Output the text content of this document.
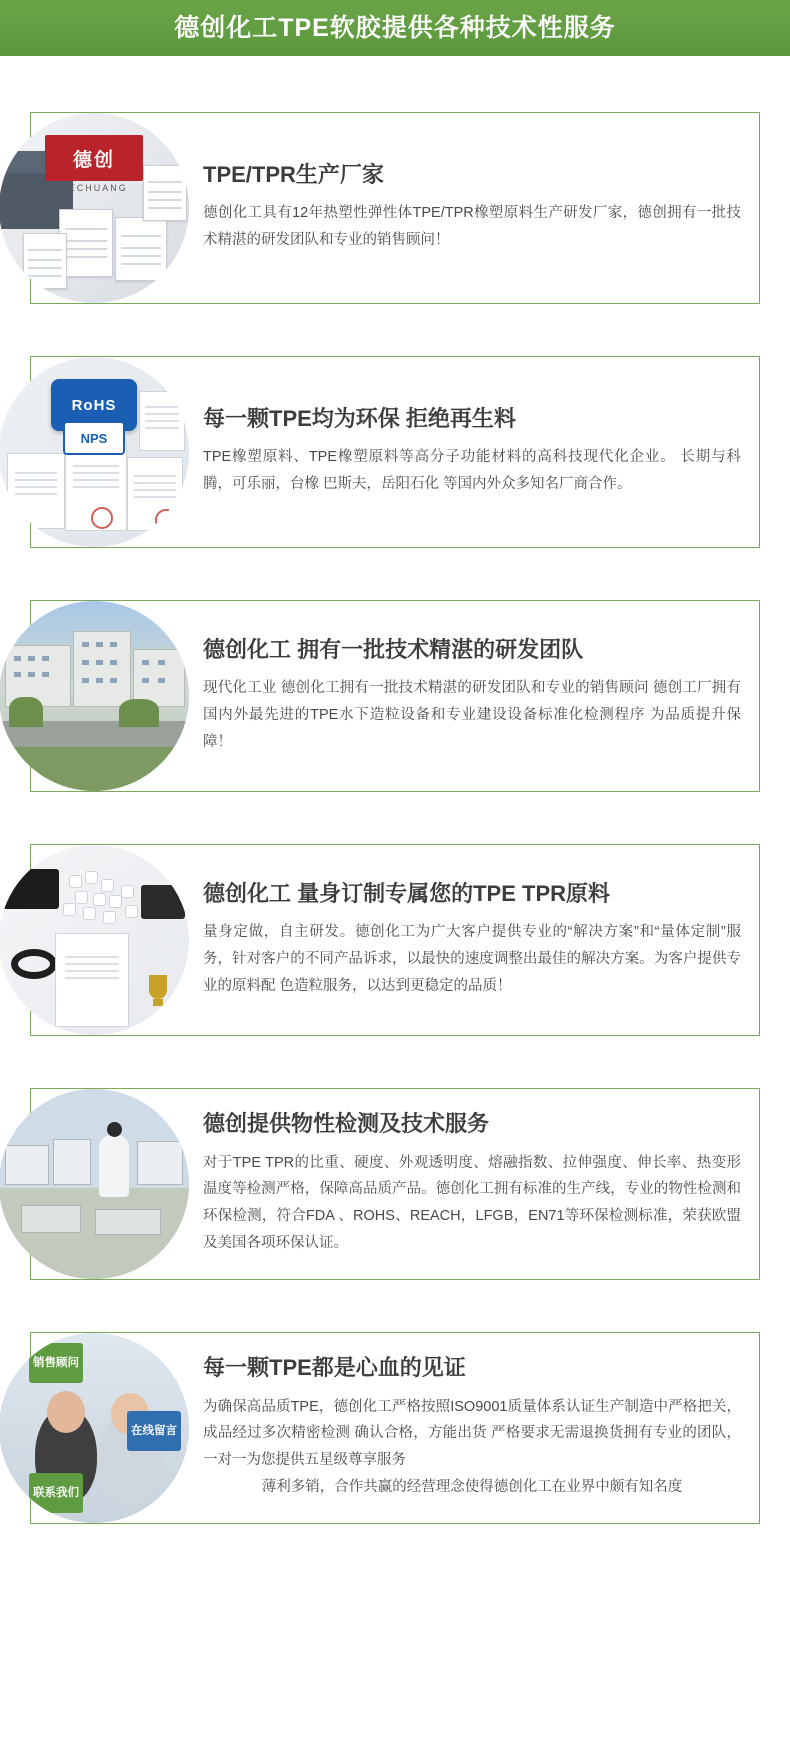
德创化工TPE软胶提供各种技术性服务
德创
DECHUANG
TPE/TPR生产厂家
德创化工具有12年热塑性弹性体TPE/TPR橡塑原料生产研发厂家，德创拥有一批技术精湛的研发团队和专业的销售顾问！
RoHS
NPS
每一颗TPE均为环保 拒绝再生料
TPE橡塑原料、TPE橡塑原料等高分子功能材料的高科技现代化企业。 长期与科腾，可乐丽，台橡 巴斯夫，岳阳石化 等国内外众多知名厂商合作。
德创化工 拥有一批技术精湛的研发团队
现代化工业 德创化工拥有一批技术精湛的研发团队和专业的销售顾问 德创工厂拥有国内外最先进的TPE水下造粒设备和专业建设设备标准化检测程序 为品质提升保障！
德创化工 量身订制专属您的TPE TPR原料
量身定做，自主研发。德创化工为广大客户提供专业的“解决方案”和“量体定制”服务，针对客户的不同产品诉求，以最快的速度调整出最佳的解决方案。为客户提供专业的原料配 色造粒服务，以达到更稳定的品质！
德创提供物性检测及技术服务
对于TPE TPR的比重、硬度、外观透明度、熔融指数、拉伸强度、伸长率、热变形温度等检测严格，保障高品质产品。德创化工拥有标准的生产线，专业的物性检测和环保检测，符合FDA 、ROHS、REACH，LFGB，EN71等环保检测标准，荣获欧盟及美国各项环保认证。
销售顾问
在线留言
联系我们
每一颗TPE都是心血的见证
为确保高品质TPE，德创化工严格按照ISO9001质量体系认证生产制造中严格把关，成品经过多次精密检测 确认合格，方能出货 严格要求无需退换货拥有专业的团队，一对一为您提供五星级尊享服务
薄利多销，合作共赢的经营理念使得德创化工在业界中颇有知名度
